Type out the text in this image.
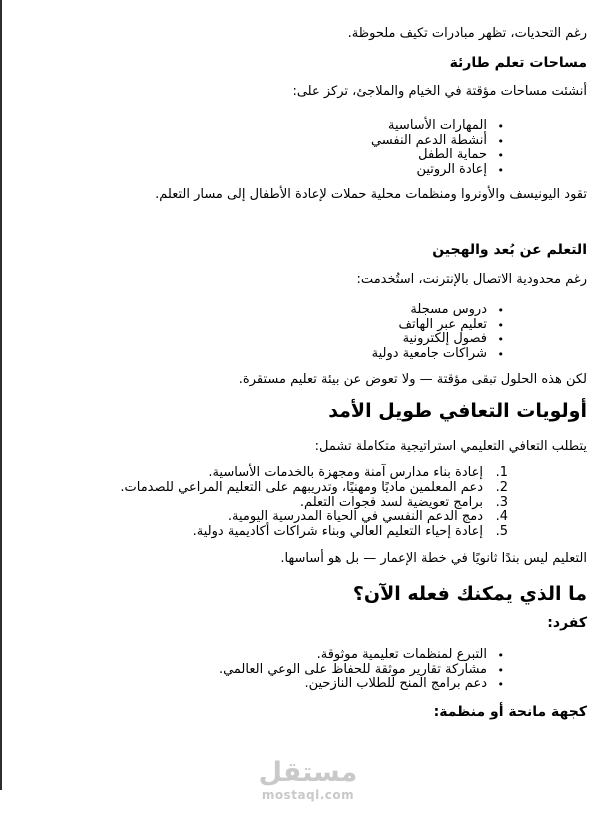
رغم التحديات، تظهر مبادرات تكيف ملحوظة.

مساحات تعلم طارئة

أنشئت مساحات مؤقتة في الخيام والملاجئ، تركز على:

•
المهارات الأساسية
•
أنشطة الدعم النفسي
•
حماية الطفل
•
إعادة الروتين

تقود اليونيسف والأونروا ومنظمات محلية حملات لإعادة الأطفال إلى مسار التعلم.

التعلم عن بُعد والهجين

رغم محدودية الاتصال بالإنترنت، استُخدمت:

•
دروس مسجلة
•
تعليم عبر الهاتف
•
فصول إلكترونية
•
شراكات جامعية دولية

لكن هذه الحلول تبقى مؤقتة — ولا تعوض عن بيئة تعليم مستقرة.

أولويات التعافي طويل الأمد

يتطلب التعافي التعليمي استراتيجية متكاملة تشمل:

1.
إعادة بناء مدارس آمنة ومجهزة بالخدمات الأساسية.
2.
دعم المعلمين ماديًا ومهنيًا، وتدريبهم على التعليم المراعي للصدمات.
3.
برامج تعويضية لسد فجوات التعلم.
4.
دمج الدعم النفسي في الحياة المدرسية اليومية.
5.
إعادة إحياء التعليم العالي وبناء شراكات أكاديمية دولية.

التعليم ليس بندًا ثانويًا في خطة الإعمار — بل هو أساسها.

ما الذي يمكنك فعله الآن؟
كفرد:
•
التبرع لمنظمات تعليمية موثوقة.
•
مشاركة تقارير موثقة للحفاظ على الوعي العالمي.
•
دعم برامج المنح للطلاب النازحين.
كجهة مانحة أو منظمة:
مستقل
mostaql.com
